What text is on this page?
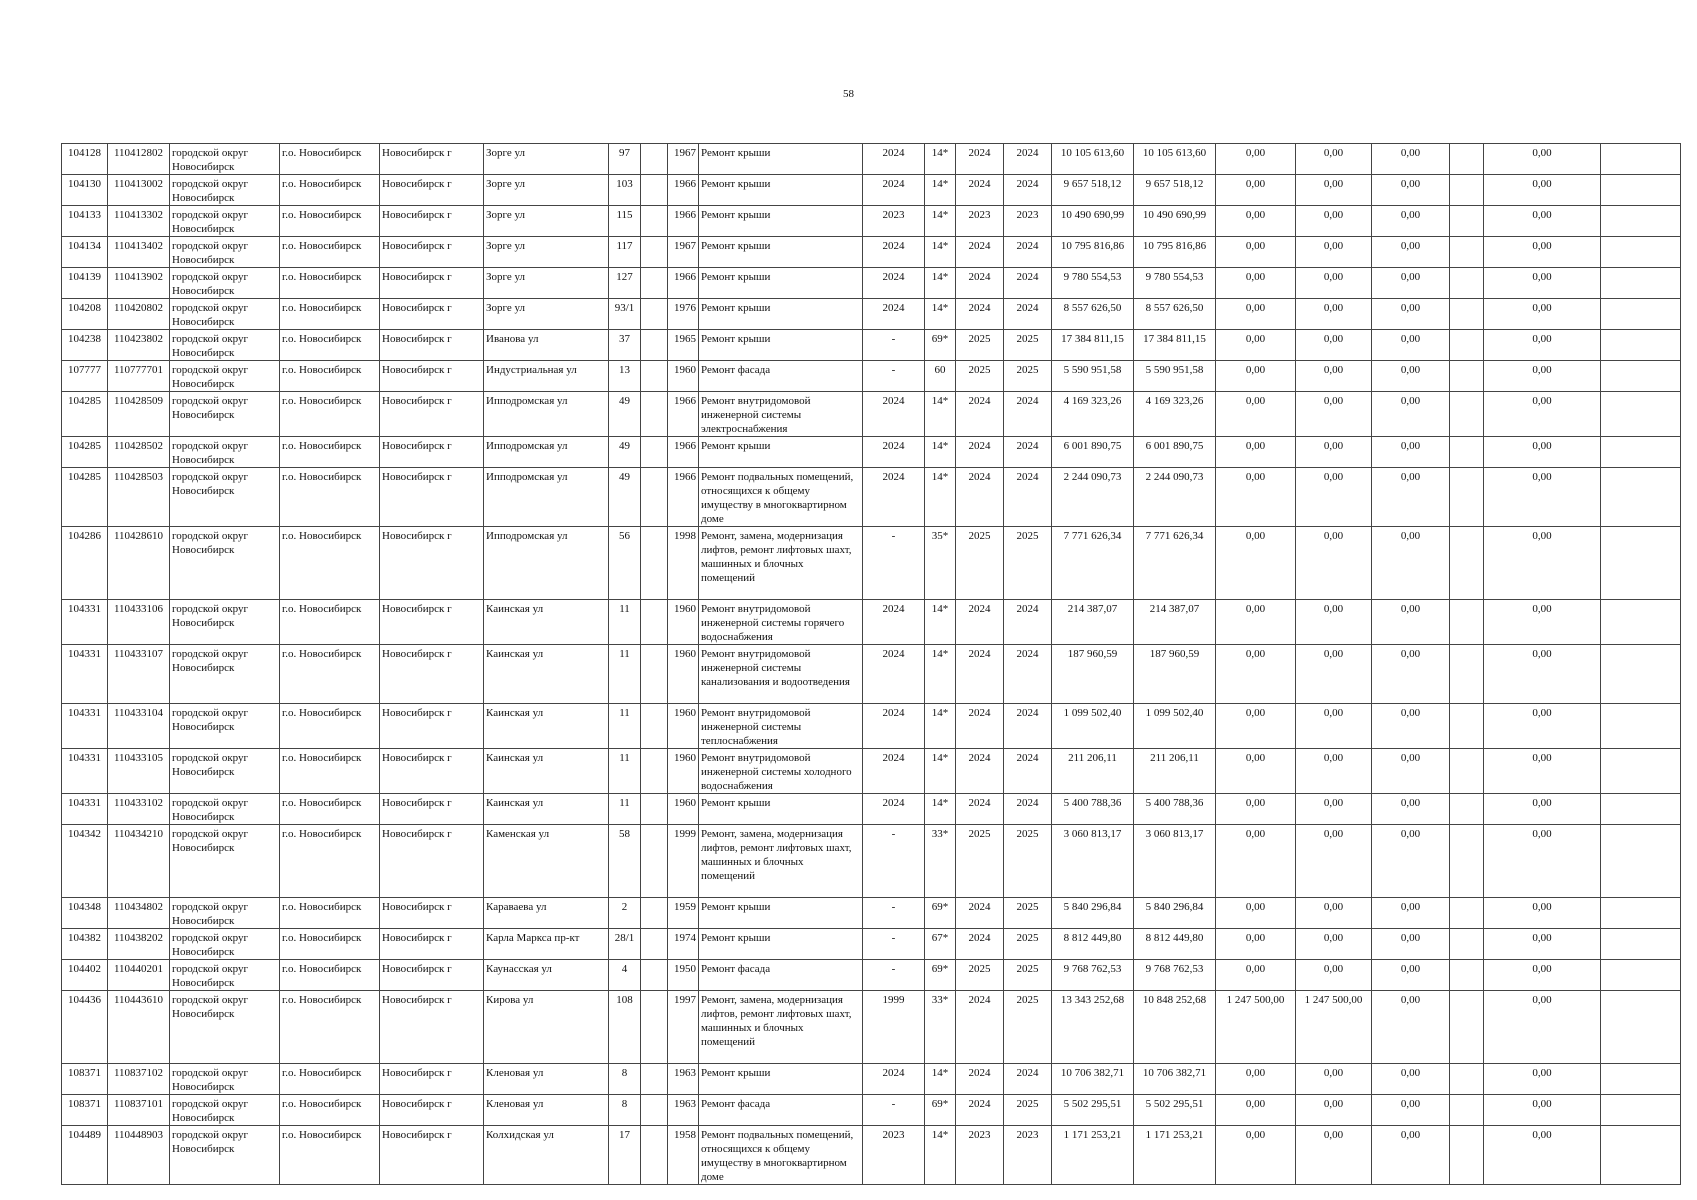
58
104128	110412802	городской округ Новосибирск	г.о. Новосибирск	Новосибирск г	Зорге ул	97		1967	Ремонт крыши	2024	14*	2024	2024	10 105 613,60	10 105 613,60	0,00	0,00	0,00		0,00	
104130	110413002	городской округ Новосибирск	г.о. Новосибирск	Новосибирск г	Зорге ул	103		1966	Ремонт крыши	2024	14*	2024	2024	9 657 518,12	9 657 518,12	0,00	0,00	0,00		0,00	
104133	110413302	городской округ Новосибирск	г.о. Новосибирск	Новосибирск г	Зорге ул	115		1966	Ремонт крыши	2023	14*	2023	2023	10 490 690,99	10 490 690,99	0,00	0,00	0,00		0,00	
104134	110413402	городской округ Новосибирск	г.о. Новосибирск	Новосибирск г	Зорге ул	117		1967	Ремонт крыши	2024	14*	2024	2024	10 795 816,86	10 795 816,86	0,00	0,00	0,00		0,00	
104139	110413902	городской округ Новосибирск	г.о. Новосибирск	Новосибирск г	Зорге ул	127		1966	Ремонт крыши	2024	14*	2024	2024	9 780 554,53	9 780 554,53	0,00	0,00	0,00		0,00	
104208	110420802	городской округ Новосибирск	г.о. Новосибирск	Новосибирск г	Зорге ул	93/1		1976	Ремонт крыши	2024	14*	2024	2024	8 557 626,50	8 557 626,50	0,00	0,00	0,00		0,00	
104238	110423802	городской округ Новосибирск	г.о. Новосибирск	Новосибирск г	Иванова ул	37		1965	Ремонт крыши	-	69*	2025	2025	17 384 811,15	17 384 811,15	0,00	0,00	0,00		0,00	
107777	110777701	городской округ Новосибирск	г.о. Новосибирск	Новосибирск г	Индустриальная ул	13		1960	Ремонт фасада	-	60	2025	2025	5 590 951,58	5 590 951,58	0,00	0,00	0,00		0,00	
104285	110428509	городской округ Новосибирск	г.о. Новосибирск	Новосибирск г	Ипподромская ул	49		1966	Ремонт внутридомовой инженерной системы электроснабжения	2024	14*	2024	2024	4 169 323,26	4 169 323,26	0,00	0,00	0,00		0,00	
104285	110428502	городской округ Новосибирск	г.о. Новосибирск	Новосибирск г	Ипподромская ул	49		1966	Ремонт крыши	2024	14*	2024	2024	6 001 890,75	6 001 890,75	0,00	0,00	0,00		0,00	
104285	110428503	городской округ Новосибирск	г.о. Новосибирск	Новосибирск г	Ипподромская ул	49		1966	Ремонт подвальных помещений, относящихся к общему имуществу в многоквартирном доме	2024	14*	2024	2024	2 244 090,73	2 244 090,73	0,00	0,00	0,00		0,00	
104286	110428610	городской округ Новосибирск	г.о. Новосибирск	Новосибирск г	Ипподромская ул	56		1998	Ремонт, замена, модернизация лифтов, ремонт лифтовых шахт, машинных и блочных помещений	-	35*	2025	2025	7 771 626,34	7 771 626,34	0,00	0,00	0,00		0,00	
104331	110433106	городской округ Новосибирск	г.о. Новосибирск	Новосибирск г	Каинская ул	11		1960	Ремонт внутридомовой инженерной системы горячего водоснабжения	2024	14*	2024	2024	214 387,07	214 387,07	0,00	0,00	0,00		0,00	
104331	110433107	городской округ Новосибирск	г.о. Новосибирск	Новосибирск г	Каинская ул	11		1960	Ремонт внутридомовой инженерной системы канализования и водоотведения	2024	14*	2024	2024	187 960,59	187 960,59	0,00	0,00	0,00		0,00	
104331	110433104	городской округ Новосибирск	г.о. Новосибирск	Новосибирск г	Каинская ул	11		1960	Ремонт внутридомовой инженерной системы теплоснабжения	2024	14*	2024	2024	1 099 502,40	1 099 502,40	0,00	0,00	0,00		0,00	
104331	110433105	городской округ Новосибирск	г.о. Новосибирск	Новосибирск г	Каинская ул	11		1960	Ремонт внутридомовой инженерной системы холодного водоснабжения	2024	14*	2024	2024	211 206,11	211 206,11	0,00	0,00	0,00		0,00	
104331	110433102	городской округ Новосибирск	г.о. Новосибирск	Новосибирск г	Каинская ул	11		1960	Ремонт крыши	2024	14*	2024	2024	5 400 788,36	5 400 788,36	0,00	0,00	0,00		0,00	
104342	110434210	городской округ Новосибирск	г.о. Новосибирск	Новосибирск г	Каменская ул	58		1999	Ремонт, замена, модернизация лифтов, ремонт лифтовых шахт, машинных и блочных помещений	-	33*	2025	2025	3 060 813,17	3 060 813,17	0,00	0,00	0,00		0,00	
104348	110434802	городской округ Новосибирск	г.о. Новосибирск	Новосибирск г	Караваева ул	2		1959	Ремонт крыши	-	69*	2024	2025	5 840 296,84	5 840 296,84	0,00	0,00	0,00		0,00	
104382	110438202	городской округ Новосибирск	г.о. Новосибирск	Новосибирск г	Карла Маркса пр-кт	28/1		1974	Ремонт крыши	-	67*	2024	2025	8 812 449,80	8 812 449,80	0,00	0,00	0,00		0,00	
104402	110440201	городской округ Новосибирск	г.о. Новосибирск	Новосибирск г	Каунасская ул	4		1950	Ремонт фасада	-	69*	2025	2025	9 768 762,53	9 768 762,53	0,00	0,00	0,00		0,00	
104436	110443610	городской округ Новосибирск	г.о. Новосибирск	Новосибирск г	Кирова ул	108		1997	Ремонт, замена, модернизация лифтов, ремонт лифтовых шахт, машинных и блочных помещений	1999	33*	2024	2025	13 343 252,68	10 848 252,68	1 247 500,00	1 247 500,00	0,00		0,00	
108371	110837102	городской округ Новосибирск	г.о. Новосибирск	Новосибирск г	Кленовая ул	8		1963	Ремонт крыши	2024	14*	2024	2024	10 706 382,71	10 706 382,71	0,00	0,00	0,00		0,00	
108371	110837101	городской округ Новосибирск	г.о. Новосибирск	Новосибирск г	Кленовая ул	8		1963	Ремонт фасада	-	69*	2024	2025	5 502 295,51	5 502 295,51	0,00	0,00	0,00		0,00	
104489	110448903	городской округ Новосибирск	г.о. Новосибирск	Новосибирск г	Колхидская ул	17		1958	Ремонт подвальных помещений, относящихся к общему имуществу в многоквартирном доме	2023	14*	2023	2023	1 171 253,21	1 171 253,21	0,00	0,00	0,00		0,00	
